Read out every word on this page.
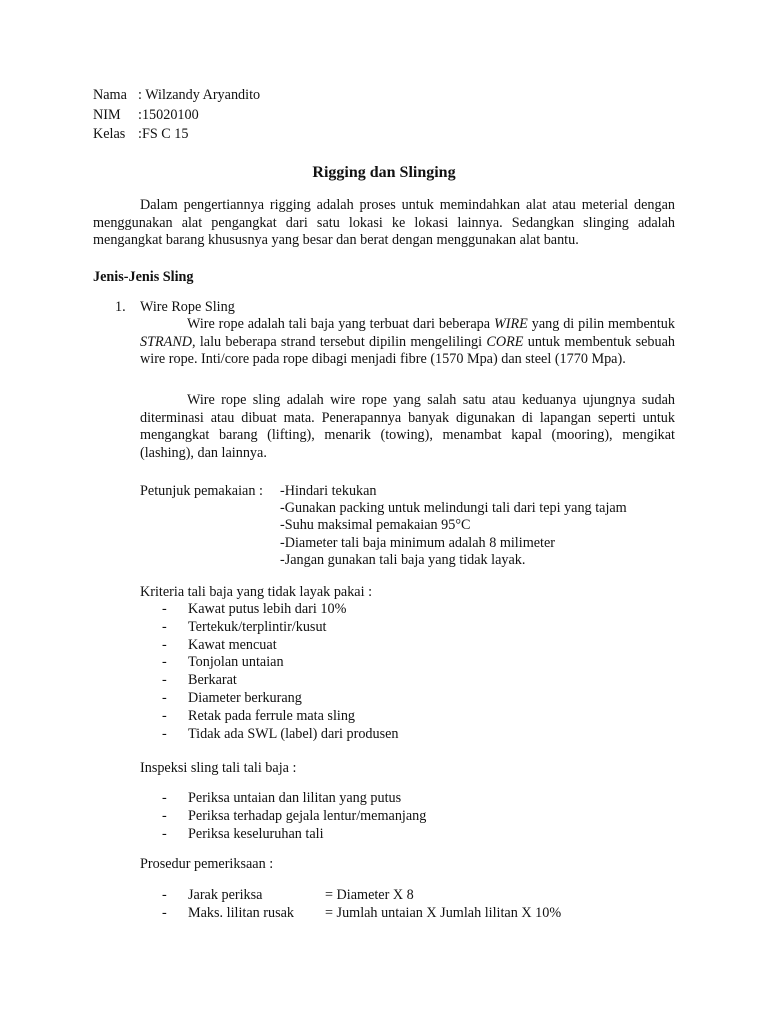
Nama : Wilzandy Aryandito
NIM :15020100
Kelas :FS C 15
Rigging dan Slinging
Dalam pengertiannya rigging adalah proses untuk memindahkan alat atau meterial dengan menggunakan alat pengangkat dari satu lokasi ke lokasi lainnya. Sedangkan slinging adalah mengangkat barang khususnya yang besar dan berat dengan menggunakan alat bantu.
Jenis-Jenis Sling
1. Wire Rope Sling
Wire rope adalah tali baja yang terbuat dari beberapa WIRE yang di pilin membentuk STRAND, lalu beberapa strand tersebut dipilin mengelilingi CORE untuk membentuk sebuah wire rope. Inti/core pada rope dibagi menjadi fibre (1570 Mpa) dan steel (1770 Mpa).
Wire rope sling adalah wire rope yang salah satu atau keduanya ujungnya sudah diterminasi atau dibuat mata. Penerapannya banyak digunakan di lapangan seperti untuk mengangkat barang (lifting), menarik (towing), menambat kapal (mooring), mengikat (lashing), dan lainnya.
Petunjuk pemakaian : -Hindari tekukan
-Gunakan packing untuk melindungi tali dari tepi yang tajam
-Suhu maksimal pemakaian 95°C
-Diameter tali baja minimum adalah 8 milimeter
-Jangan gunakan tali baja yang tidak layak.
Kriteria tali baja yang tidak layak pakai :
- Kawat putus lebih dari 10%
- Tertekuk/terplintir/kusut
- Kawat mencuat
- Tonjolan untaian
- Berkarat
- Diameter berkurang
- Retak pada ferrule mata sling
- Tidak ada SWL (label) dari produsen
Inspeksi sling tali tali baja :
- Periksa untaian dan lilitan yang putus
- Periksa terhadap gejala lentur/memanjang
- Periksa keseluruhan tali
Prosedur pemeriksaan :
- Jarak periksa	= Diameter X 8
- Maks. lilitan rusak = Jumlah untaian X Jumlah lilitan X 10%
